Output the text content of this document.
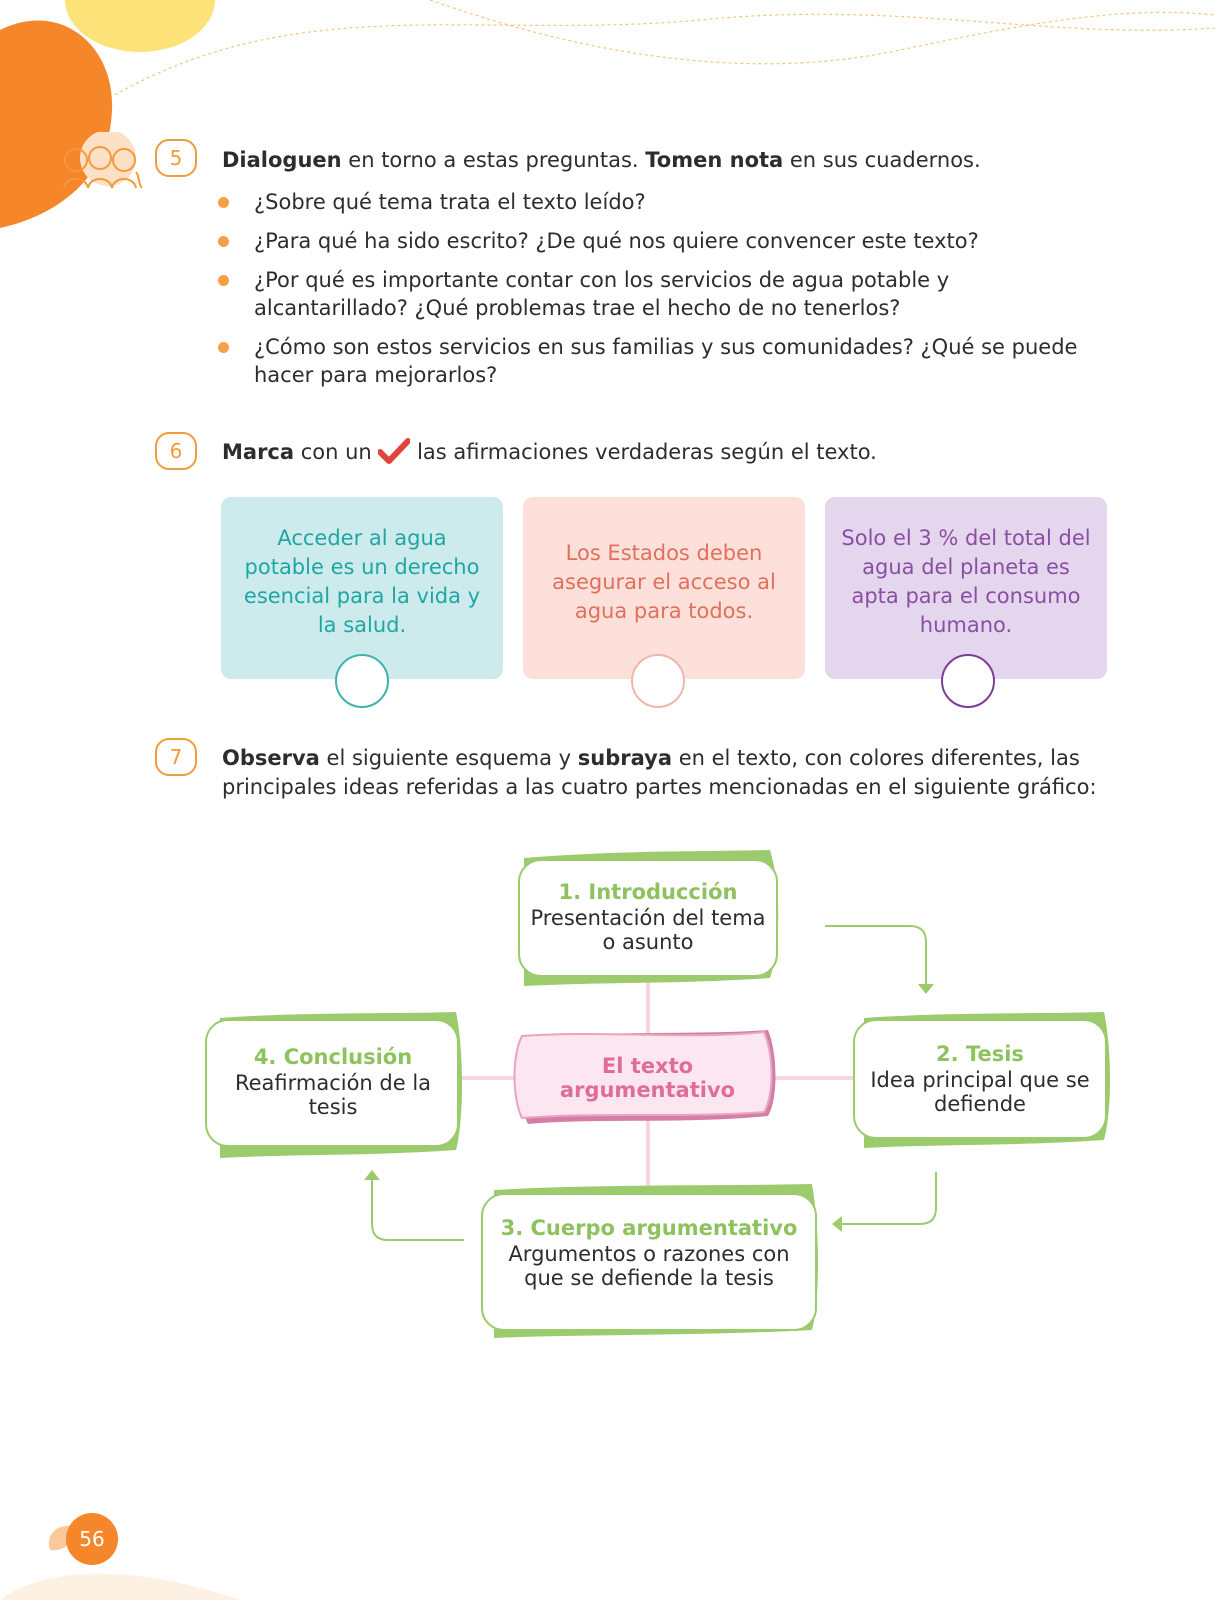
5	Dialoguen en torno a estas preguntas. Tomen nota en sus cuadernos.
¿Sobre qué tema trata el texto leído?
¿Para qué ha sido escrito? ¿De qué nos quiere convencer este texto?
¿Por qué es importante contar con los servicios de agua potable y alcantarillado? ¿Qué problemas trae el hecho de no tenerlos?
¿Cómo son estos servicios en sus familias y sus comunidades? ¿Qué se puede hacer para mejorarlos?
6	Marca con un  las afirmaciones verdaderas según el texto.
Acceder al agua potable es un derecho esencial para la vida y la salud.
Los Estados deben asegurar el acceso al agua para todos.
Solo el 3 % del total del agua del planeta es apta para el consumo humano.
7	Observa el siguiente esquema y subraya en el texto, con colores diferentes, las principales ideas referidas a las cuatro partes mencionadas en el siguiente gráfico:
El texto argumentativo
1. Introducción
Presentación del tema o asunto
2. Tesis
Idea principal que se defiende
3. Cuerpo argumentativo
Argumentos o razones con que se defiende la tesis
4. Conclusión
Reafirmación de la tesis
56
